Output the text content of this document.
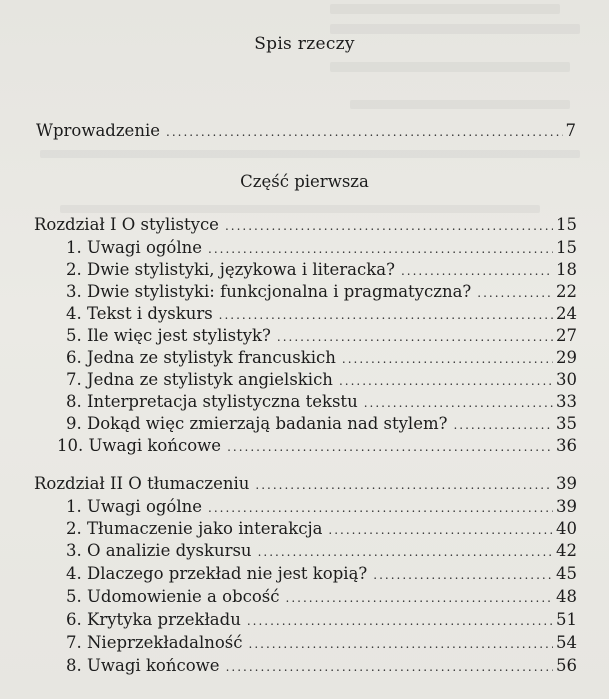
Spis rzeczy
Wprowadzenie .....	7
Część pierwsza
Rozdział I O stylistyce .....	15
1. Uwagi ogólne .....	15
2. Dwie stylistyki, językowa i literacka? .....	18
3. Dwie stylistyki: funkcjonalna i pragmatyczna? .....	22
4. Tekst i dyskurs .....	24
5. Ile więc jest stylistyk? .....	27
6. Jedna ze stylistyk francuskich .....	29
7. Jedna ze stylistyk angielskich .....	30
8. Interpretacja stylistyczna tekstu .....	33
9. Dokąd więc zmierzają badania nad stylem? .....	35
10. Uwagi końcowe .....	36
Rozdział II O tłumaczeniu .....	39
1. Uwagi ogólne .....	39
2. Tłumaczenie jako interakcja .....	40
3. O analizie dyskursu .....	42
4. Dlaczego przekład nie jest kopią? .....	45
5. Udomowienie a obcość .....	48
6. Krytyka przekładu .....	51
7. Nieprzekładalność .....	54
8. Uwagi końcowe .....	56
